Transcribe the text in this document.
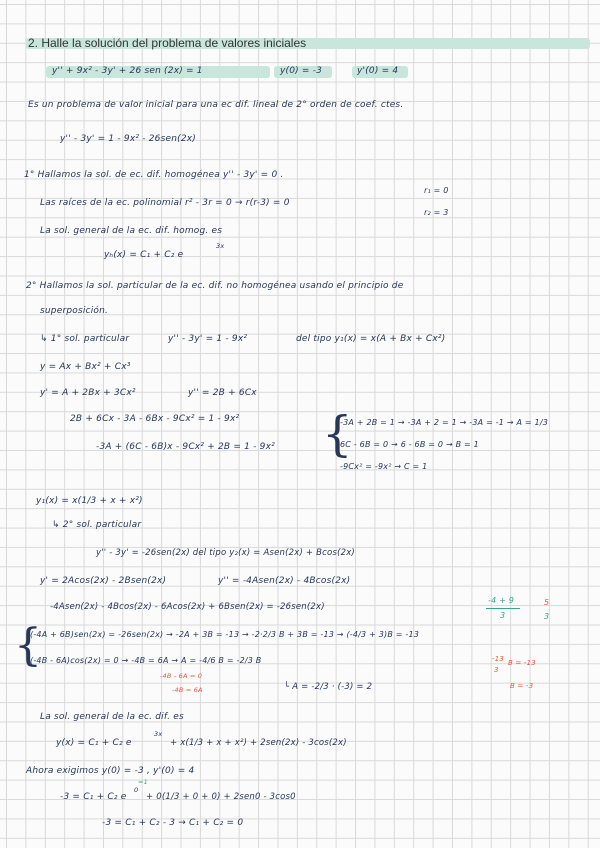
2. Halle la solución del problema de valores iniciales
y'' + 9x² - 3y' + 26 sen (2x) = 1	y(0) = -3	y'(0) = 4
Es un problema de valor inicial para una ec dif. lineal de 2° orden de coef. ctes.
y'' - 3y' = 1 - 9x² - 26sen(2x)
1° Hallamos la sol. de ec. dif. homogénea y'' - 3y' = 0 .
Las raíces de la ec. polinomial r² - 3r = 0 → r(r-3) = 0
r₁ = 0
r₂ = 3
La sol. general de la ec. dif. homog. es
yₕ(x) = C₁ + C₂ e
3x
2° Hallamos la sol. particular de la ec. dif. no homogénea usando el principio de
superposición.
↳ 1° sol. particular	y'' - 3y' = 1 - 9x²	del tipo y₁(x) = x(A + Bx + Cx²)
y = Ax + Bx² + Cx³
y' = A + 2Bx + 3Cx²	y'' = 2B + 6Cx
2B + 6Cx - 3A - 6Bx - 9Cx² = 1 - 9x²
-3A + (6C - 6B)x - 9Cx² + 2B = 1 - 9x² {
-3A + 2B = 1 → -3A + 2 = 1 → -3A = -1 → A = 1/3
6C - 6B = 0 → 6 - 6B = 0 → B = 1
-9Cx² = -9x² → C = 1
y₁(x) = x(1/3 + x + x²)
↳ 2° sol. particular
y'' - 3y' = -26sen(2x) del tipo y₂(x) = Asen(2x) + Bcos(2x)
y' = 2Acos(2x) - 2Bsen(2x)	y'' = -4Asen(2x) - 4Bcos(2x)
-4Asen(2x) - 4Bcos(2x) - 6Acos(2x) + 6Bsen(2x) = -26sen(2x)
-4 + 9
3
5
3
{
(-4A + 6B)sen(2x) = -26sen(2x) → -2A + 3B = -13 → -2·2/3 B + 3B = -13 → (-4/3 + 3)B = -13
(-4B - 6A)cos(2x) = 0 → -4B = 6A → A = -4/6 B = -2/3 B
-4B - 6A = 0
-4B = 6A
-13
3
B = -13
B = -3
└ A = -2/3 · (-3) = 2
La sol. general de la ec. dif. es
y(x) = C₁ + C₂ e
3x
+ x(1/3 + x + x²) + 2sen(2x) - 3cos(2x)
Ahora exigimos y(0) = -3 , y'(0) = 4
-3 = C₁ + C₂ e
0
=1
+ 0(1/3 + 0 + 0) + 2sen0 - 3cos0
-3 = C₁ + C₂ - 3 → C₁ + C₂ = 0
